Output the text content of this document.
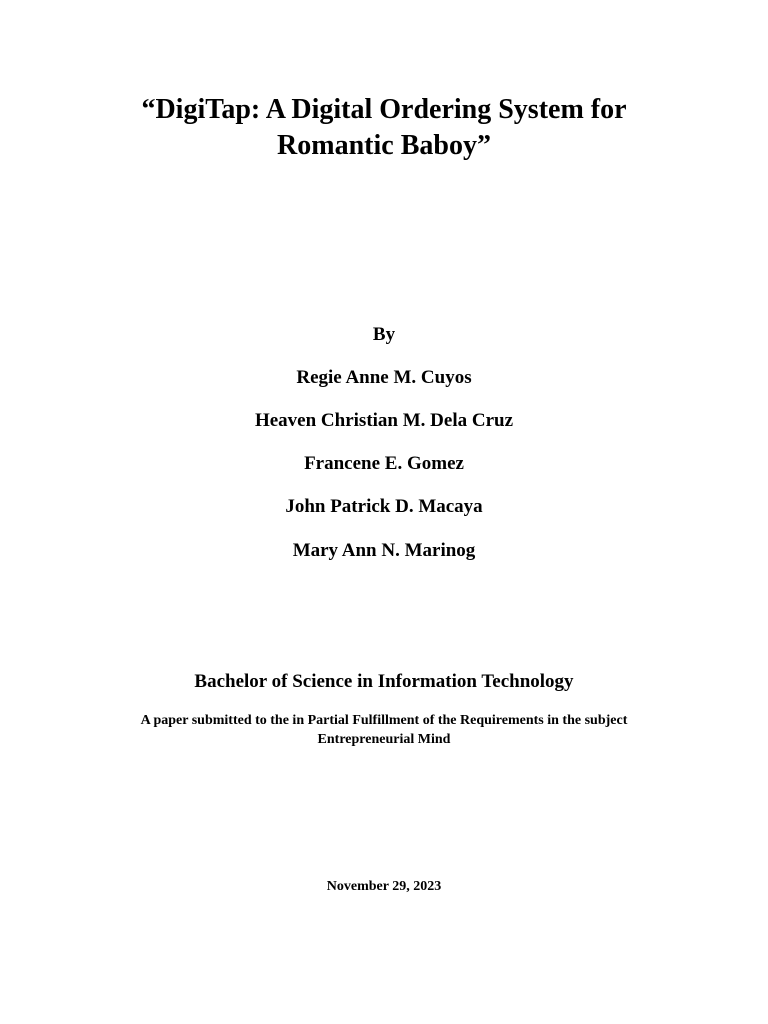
“DigiTap: A Digital Ordering System for
Romantic Baboy”
By
Regie Anne M. Cuyos
Heaven Christian M. Dela Cruz
Francene E. Gomez
John Patrick D. Macaya
Mary Ann N. Marinog
Bachelor of Science in Information Technology
A paper submitted to the in Partial Fulfillment of the Requirements in the subject
Entrepreneurial Mind
November 29, 2023
